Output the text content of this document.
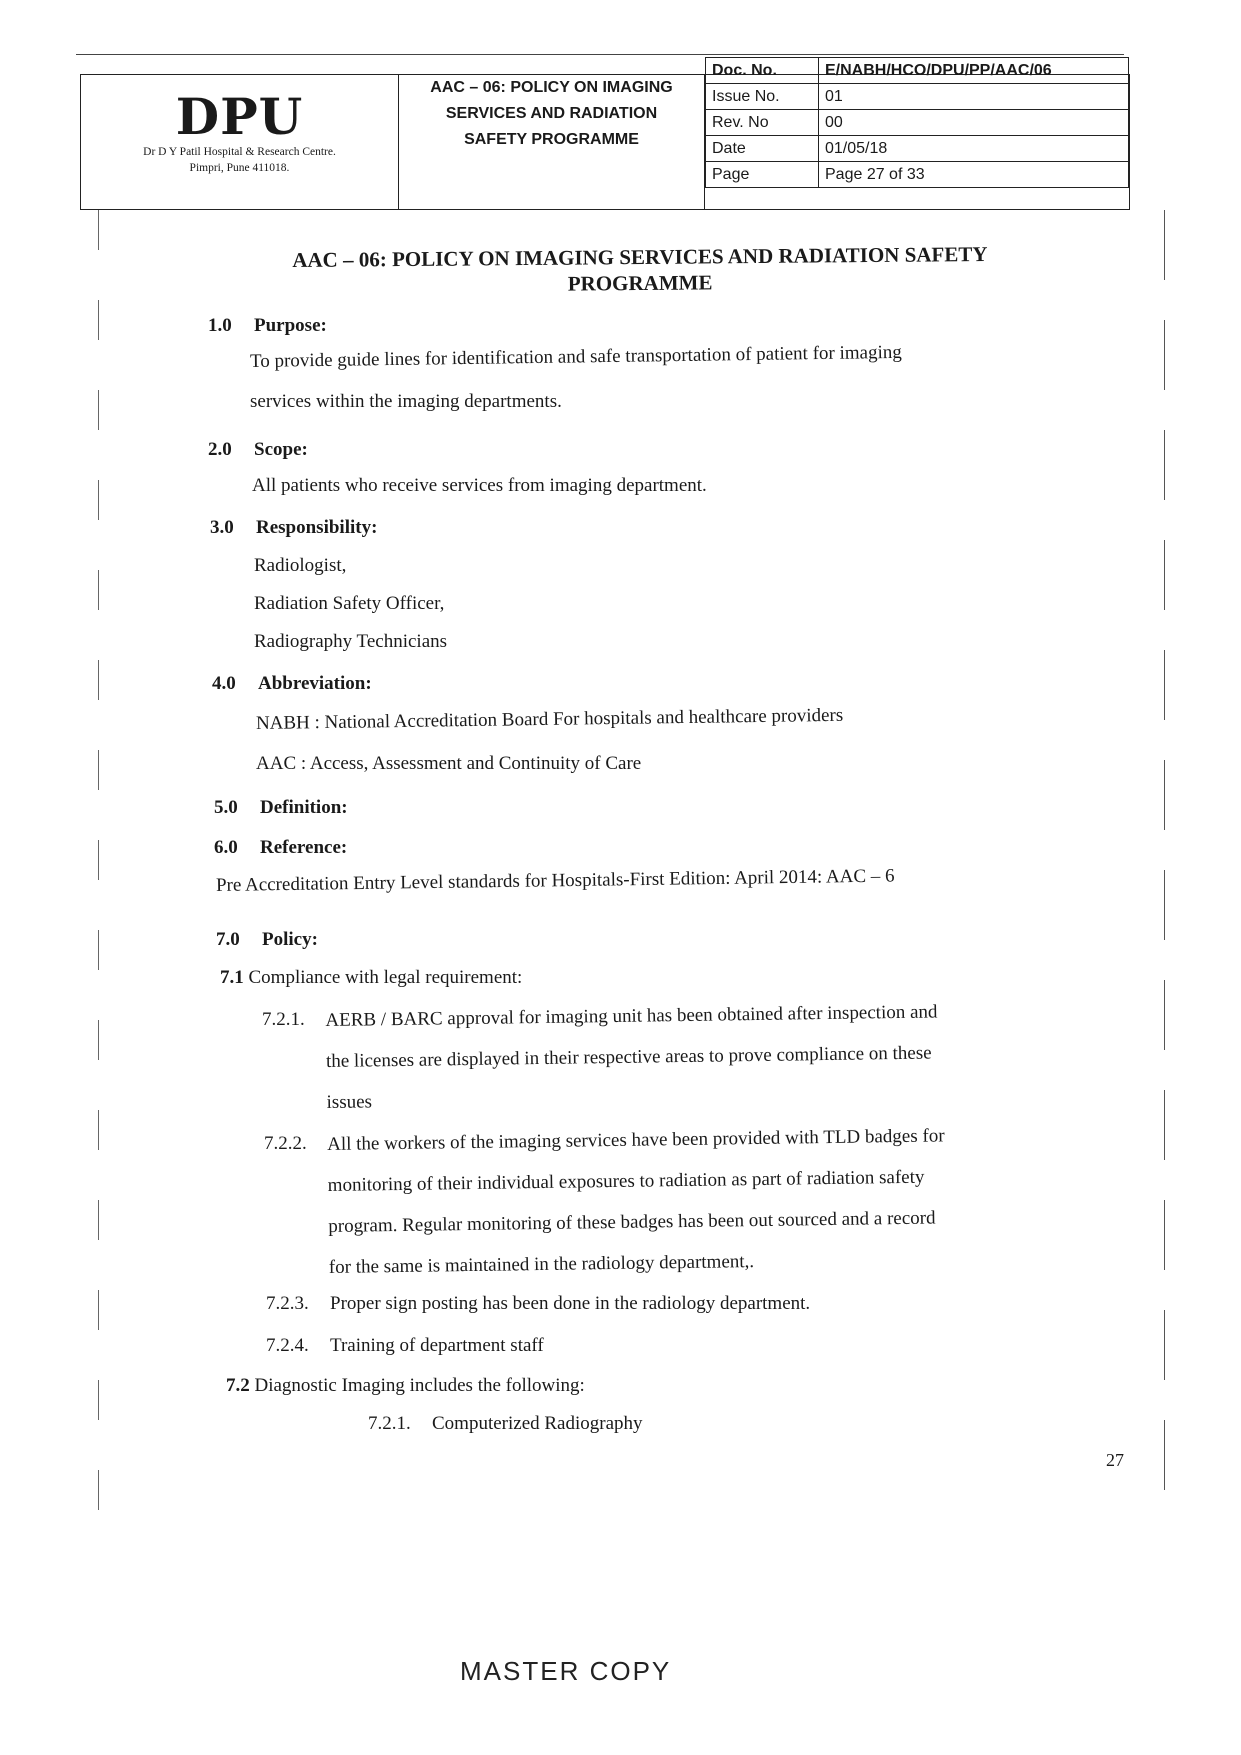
DPU
Dr D Y Patil Hospital & Research Centre.
Pimpri, Pune 411018.
AAC – 06: POLICY ON IMAGING SERVICES AND RADIATION SAFETY PROGRAMME
Doc. No.	E/NABH/HCO/DPU/PP/AAC/06
Issue No.	01
Rev. No	00
Date	01/05/18
Page	Page 27 of 33
AAC – 06: POLICY ON IMAGING SERVICES AND RADIATION SAFETY
PROGRAMME
1.0 Purpose:
To provide guide lines for identification and safe transportation of patient for imaging
services within the imaging departments.
2.0 Scope:
All patients who receive services from imaging department.
3.0 Responsibility:
Radiologist,
Radiation Safety Officer,
Radiography Technicians
4.0 Abbreviation:
NABH : National Accreditation Board For hospitals and healthcare providers
AAC : Access, Assessment and Continuity of Care
5.0 Definition:
6.0 Reference:
Pre Accreditation Entry Level standards for Hospitals-First Edition: April 2014: AAC – 6
7.0 Policy:
7.1 Compliance with legal requirement:
7.2.1. AERB / BARC approval for imaging unit has been obtained after inspection and
the licenses are displayed in their respective areas to prove compliance on these
issues
7.2.2. All the workers of the imaging services have been provided with TLD badges for
monitoring of their individual exposures to radiation as part of radiation safety
program. Regular monitoring of these badges has been out sourced and a record
for the same is maintained in the radiology department,.
7.2.3. Proper sign posting has been done in the radiology department.
7.2.4. Training of department staff
7.2 Diagnostic Imaging includes the following:
7.2.1. Computerized Radiography
27
MASTER COPY
